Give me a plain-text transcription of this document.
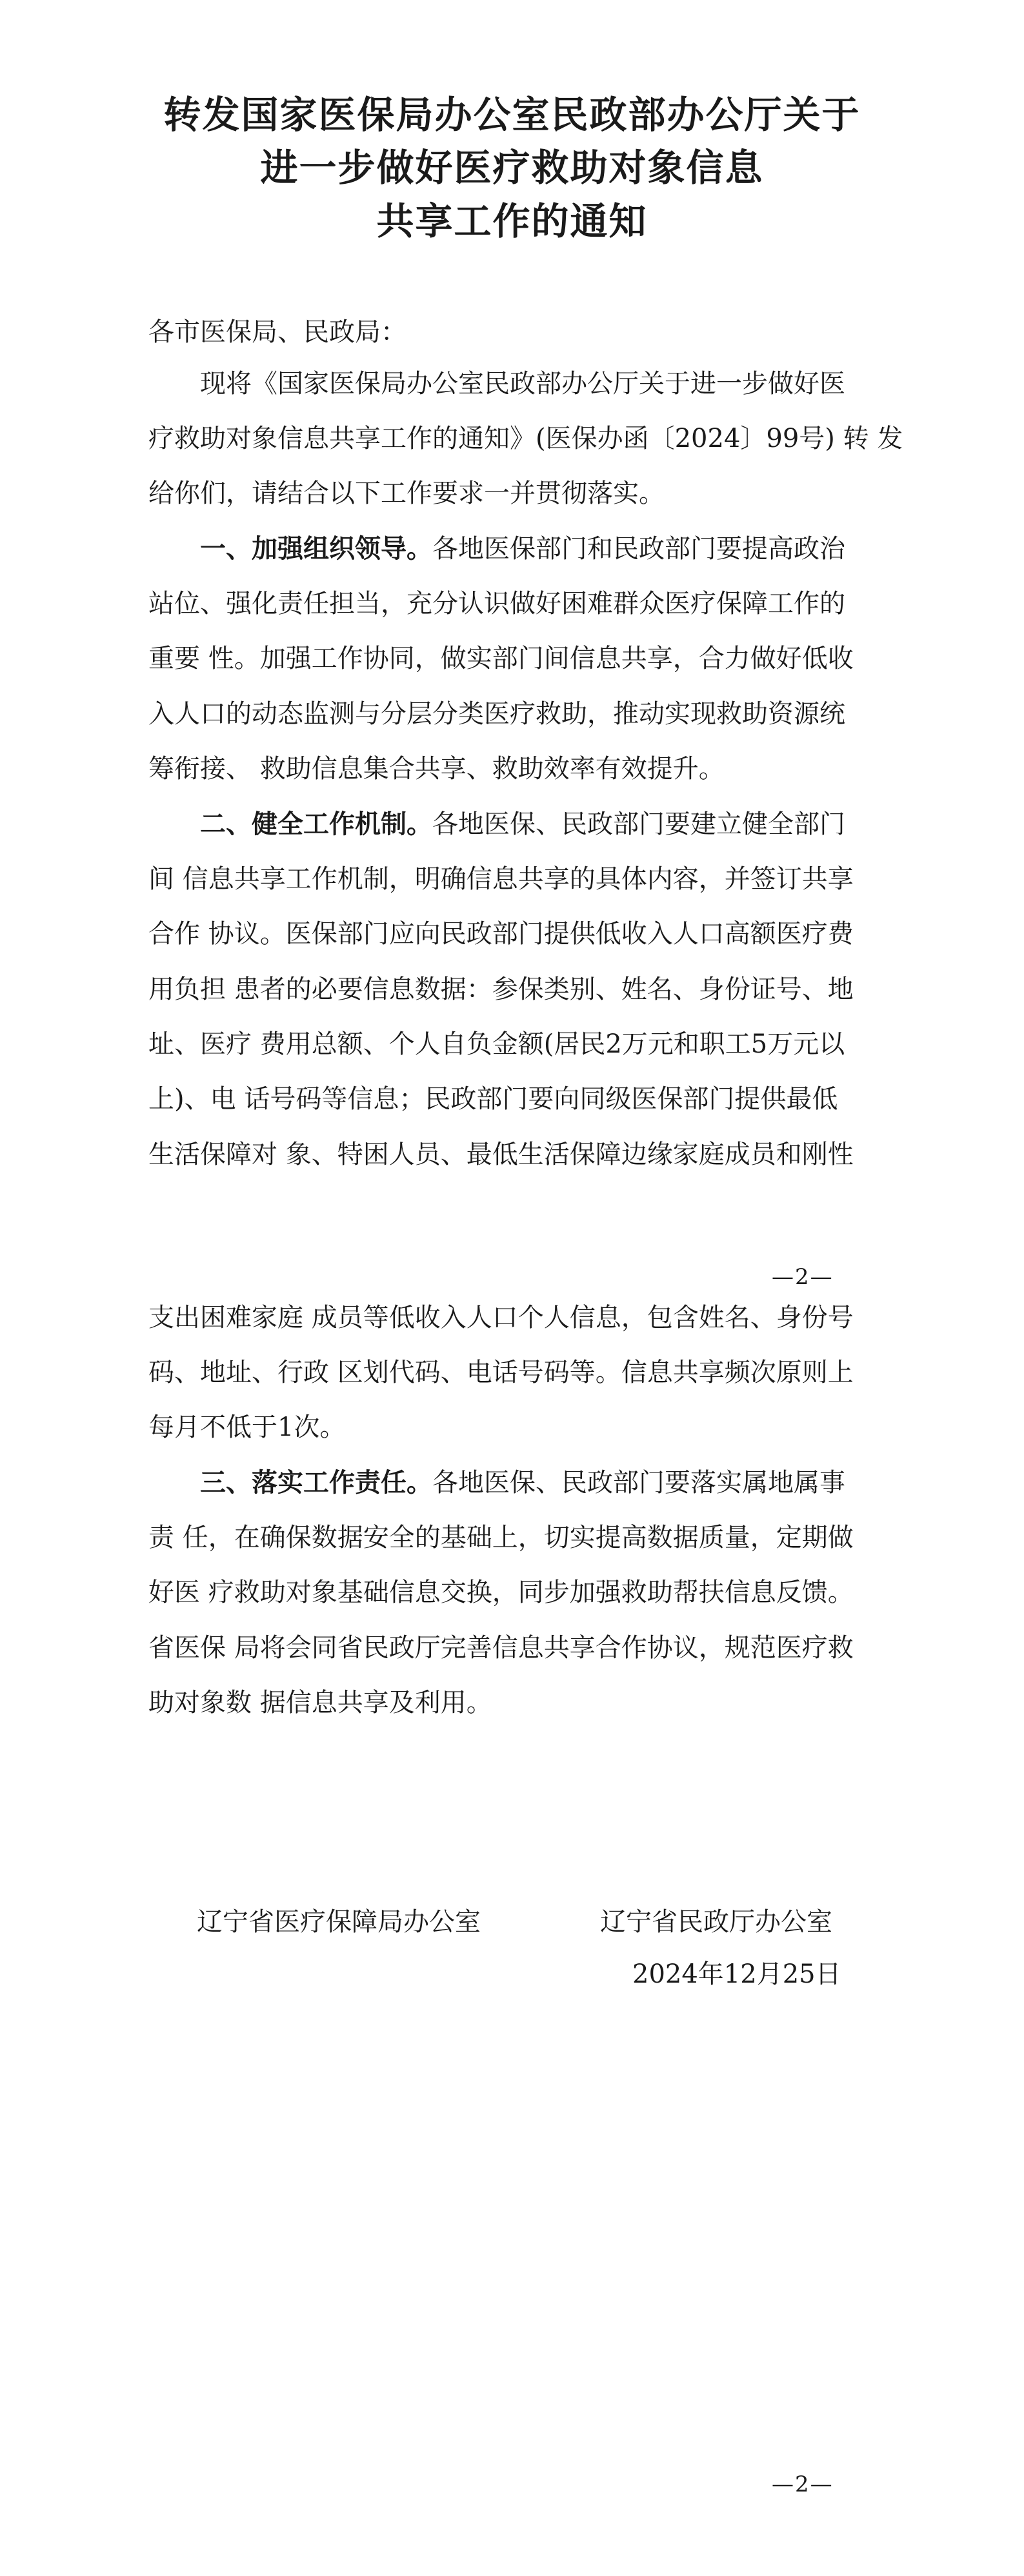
转发国家医保局办公室民政部办公厅关于
进一步做好医疗救助对象信息
共享工作的通知
各市医保局、民政局：
现将《国家医保局办公室民政部办公厅关于进一步做好医
疗救助对象信息共享工作的通知》(医保办函〔2024〕99号) 转 发
给你们，请结合以下工作要求一并贯彻落实。
一、加强组织领导。各地医保部门和民政部门要提高政治
站位、强化责任担当，充分认识做好困难群众医疗保障工作的
重要 性。加强工作协同，做实部门间信息共享，合力做好低收
入人口的动态监测与分层分类医疗救助，推动实现救助资源统
筹衔接、 救助信息集合共享、救助效率有效提升。
二、健全工作机制。各地医保、民政部门要建立健全部门
间 信息共享工作机制，明确信息共享的具体内容，并签订共享
合作 协议。医保部门应向民政部门提供低收入人口高额医疗费
用负担 患者的必要信息数据：参保类别、姓名、身份证号、地
址、医疗 费用总额、个人自负金额(居民2万元和职工5万元以
上)、电 话号码等信息；民政部门要向同级医保部门提供最低
生活保障对 象、特困人员、最低生活保障边缘家庭成员和刚性
—2—
支出困难家庭 成员等低收入人口个人信息，包含姓名、身份号
码、地址、行政 区划代码、电话号码等。信息共享频次原则上
每月不低于1次。
三、落实工作责任。各地医保、民政部门要落实属地属事
责 任，在确保数据安全的基础上，切实提高数据质量，定期做
好医 疗救助对象基础信息交换，同步加强救助帮扶信息反馈。
省医保 局将会同省民政厅完善信息共享合作协议，规范医疗救
助对象数 据信息共享及利用。
辽宁省医疗保障局办公室	辽宁省民政厅办公室
2024年12月25日
—2—
